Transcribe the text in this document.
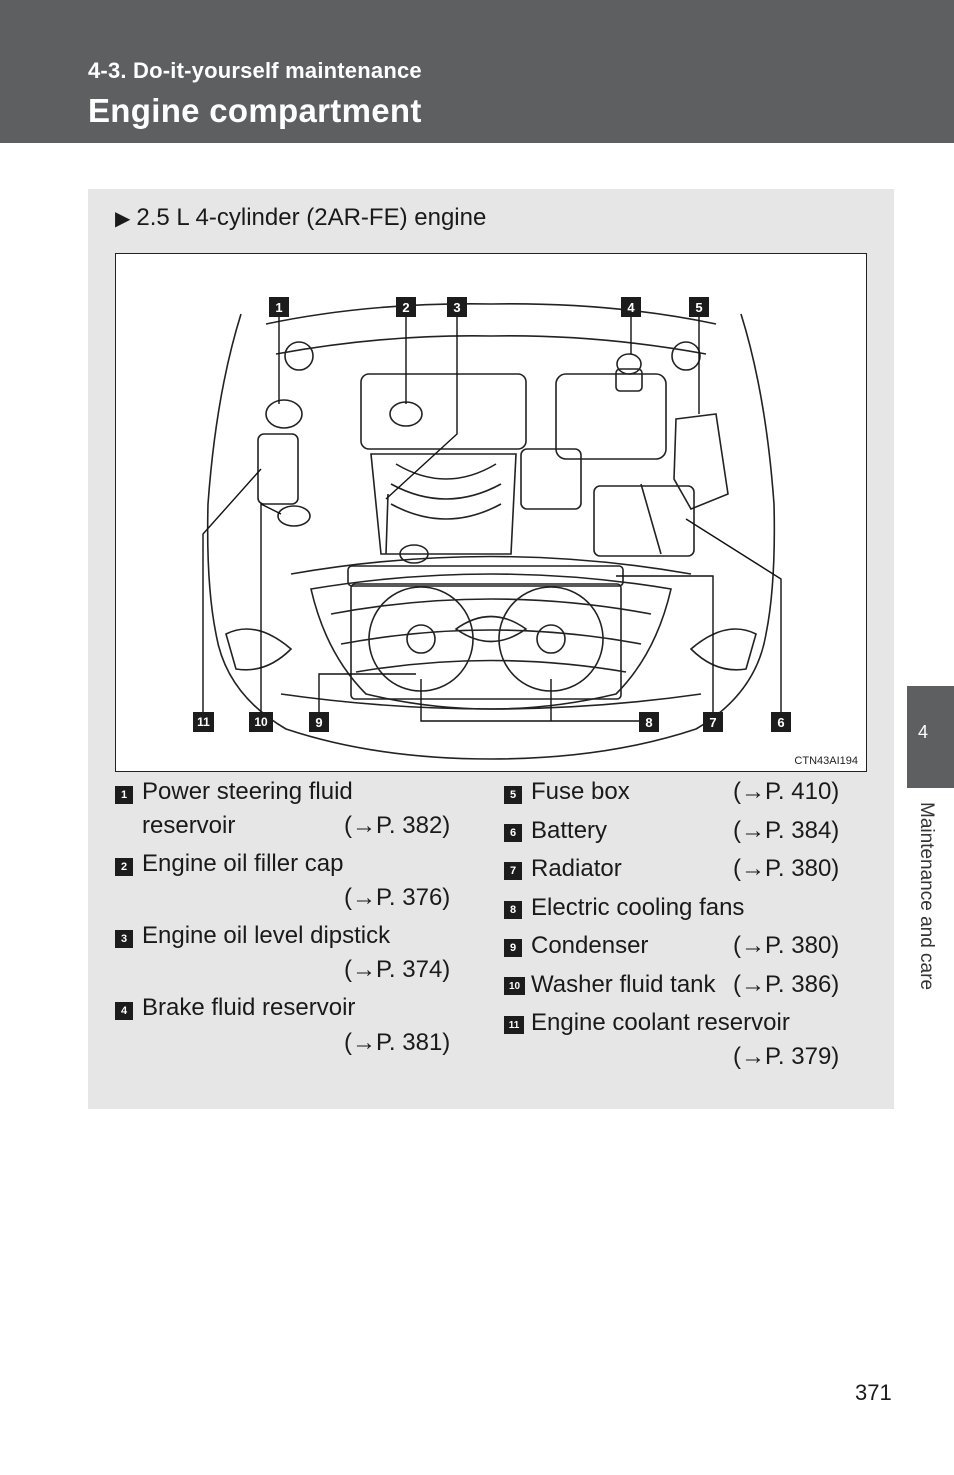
4-3. Do-it-yourself maintenance
Engine compartment
▶ 2.5 L 4-cylinder (2AR-FE) engine
1	2	3	4	5
6
7
8
9
10
11
CTN43AI194
1 Power steering fluid
reservoir	(→P. 382)
2 Engine oil filler cap
(→P. 376)
3 Engine oil level dipstick
(→P. 374)
4 Brake fluid reservoir
(→P. 381)
5 Fuse box	(→P. 410)
6 Battery	(→P. 384)
7 Radiator	(→P. 380)
8 Electric cooling fans
9 Condenser	(→P. 380)
10 Washer fluid tank (→P. 386)
11 Engine coolant reservoir
(→P. 379)
4
Maintenance and care
371
